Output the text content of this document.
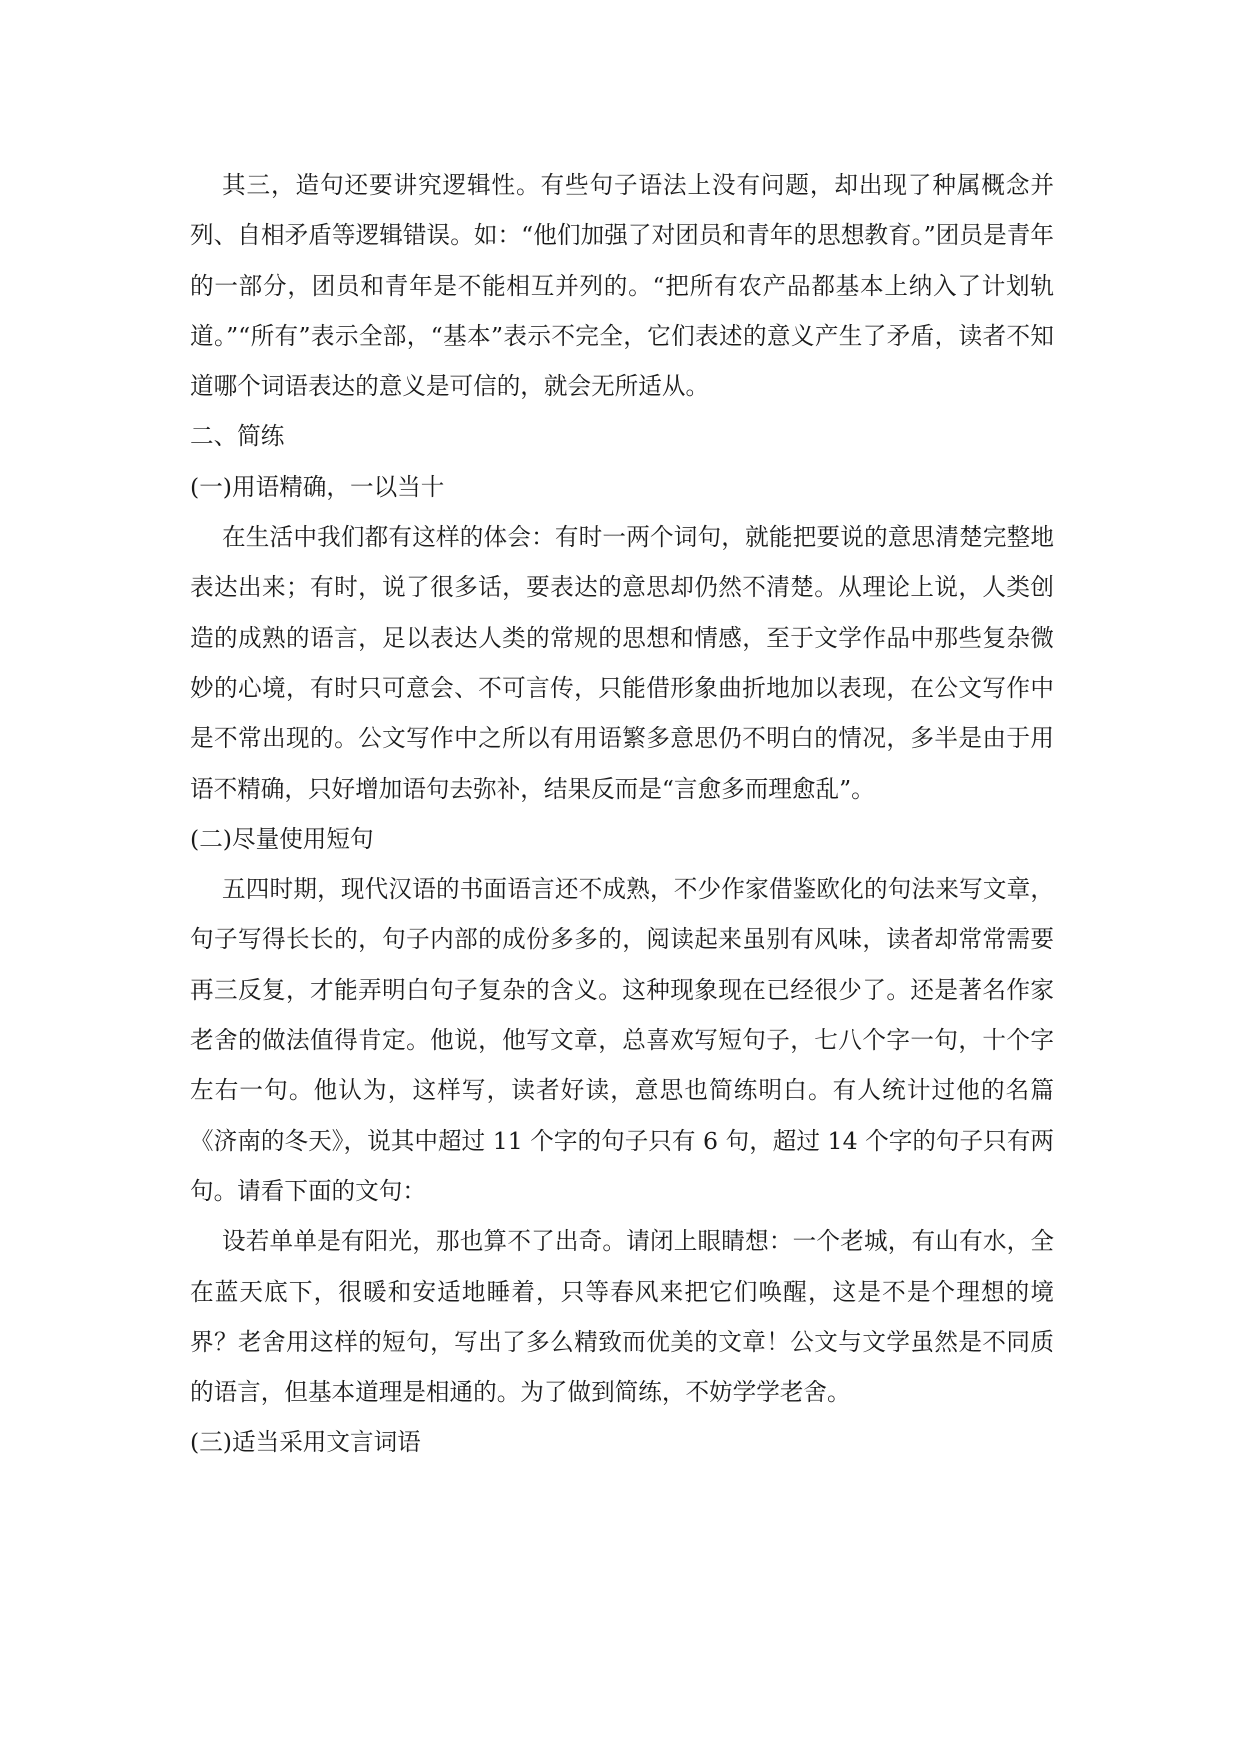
其三，造句还要讲究逻辑性。有些句子语法上没有问题，却出现了种属概念并列、自相矛盾等逻辑错误。如：“他们加强了对团员和青年的思想教育。”团员是青年的一部分，团员和青年是不能相互并列的。“把所有农产品都基本上纳入了计划轨道。”“所有”表示全部，“基本”表示不完全，它们表述的意义产生了矛盾，读者不知道哪个词语表达的意义是可信的，就会无所适从。

二、简练

(一)用语精确，一以当十

在生活中我们都有这样的体会：有时一两个词句，就能把要说的意思清楚完整地表达出来；有时，说了很多话，要表达的意思却仍然不清楚。从理论上说，人类创造的成熟的语言，足以表达人类的常规的思想和情感，至于文学作品中那些复杂微妙的心境，有时只可意会、不可言传，只能借形象曲折地加以表现，在公文写作中是不常出现的。公文写作中之所以有用语繁多意思仍不明白的情况，多半是由于用语不精确，只好增加语句去弥补，结果反而是“言愈多而理愈乱”。

(二)尽量使用短句

五四时期，现代汉语的书面语言还不成熟，不少作家借鉴欧化的句法来写文章，句子写得长长的，句子内部的成份多多的，阅读起来虽别有风味，读者却常常需要再三反复，才能弄明白句子复杂的含义。这种现象现在已经很少了。还是著名作家老舍的做法值得肯定。他说，他写文章，总喜欢写短句子，七八个字一句，十个字左右一句。他认为，这样写，读者好读，意思也简练明白。有人统计过他的名篇《济南的冬天》，说其中超过 11 个字的句子只有 6 句，超过 14 个字的句子只有两句。请看下面的文句：

设若单单是有阳光，那也算不了出奇。请闭上眼睛想：一个老城，有山有水，全在蓝天底下，很暖和安适地睡着，只等春风来把它们唤醒，这是不是个理想的境界？老舍用这样的短句，写出了多么精致而优美的文章！公文与文学虽然是不同质的语言，但基本道理是相通的。为了做到简练，不妨学学老舍。

(三)适当采用文言词语
